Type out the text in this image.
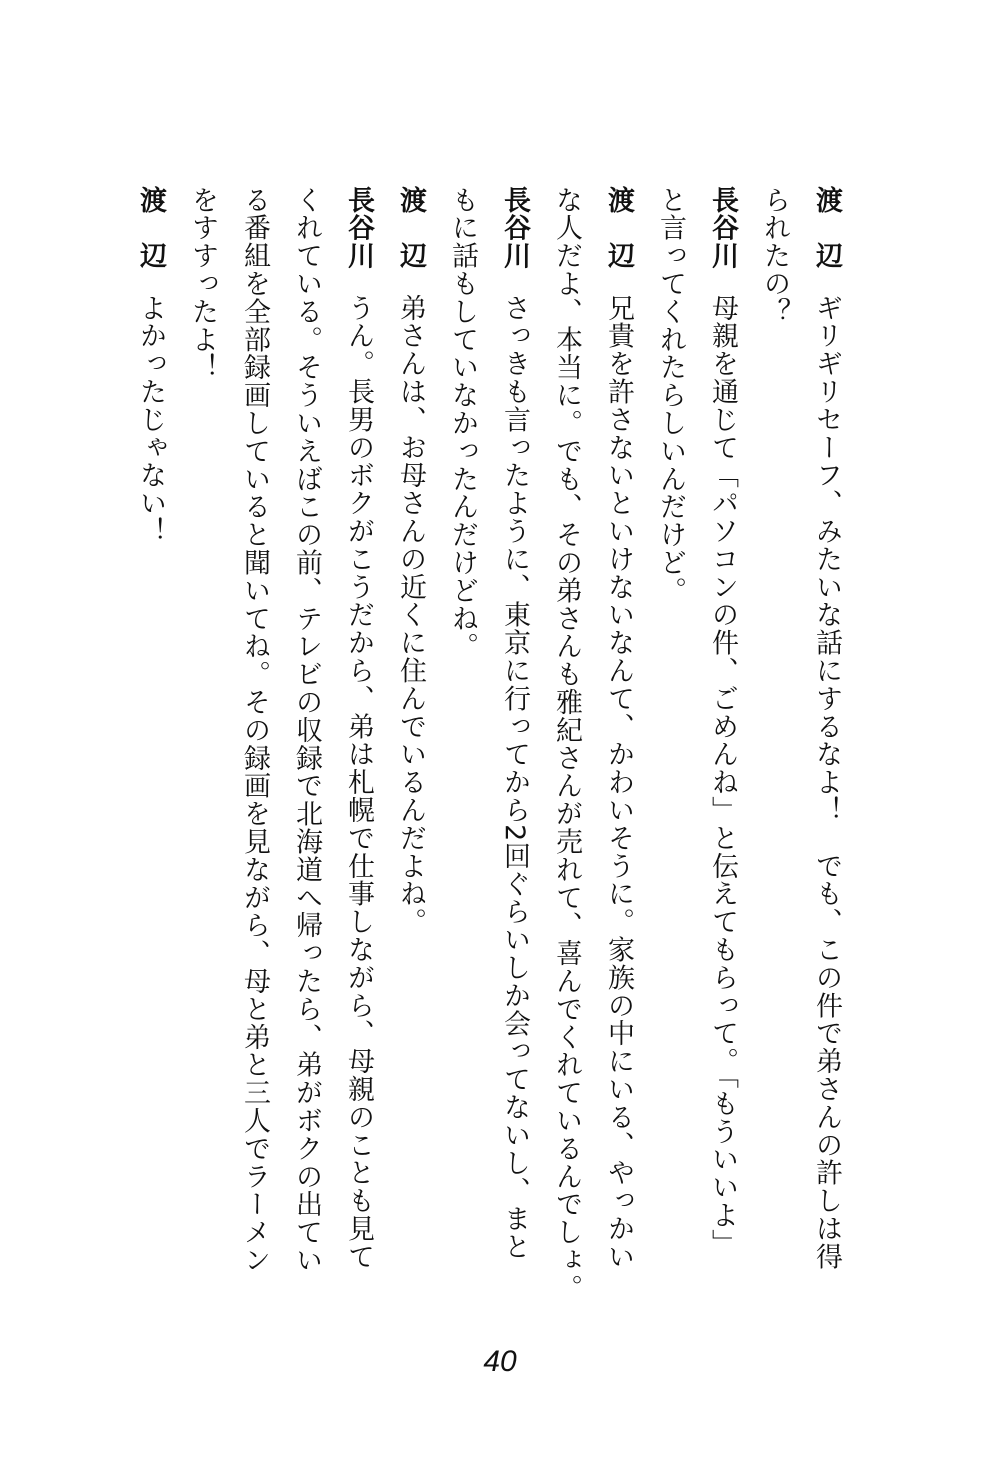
渡　辺ギリギリセーフ、みたいな話にするなよ！　でも、この件で弟さんの許しは得
られたの？
長谷川母親を通じて「パソコンの件、ごめんね」と伝えてもらって。「もういいよ」
と言ってくれたらしいんだけど。
渡　辺兄貴を許さないといけないなんて、かわいそうに。家族の中にいる、やっかい
な人だよ、本当に。でも、その弟さんも雅紀さんが売れて、喜んでくれているんでしょ。
長谷川さっきも言ったように、東京に行ってから2回ぐらいしか会ってないし、まと
もに話もしていなかったんだけどね。
渡　辺弟さんは、お母さんの近くに住んでいるんだよね。
長谷川うん。長男のボクがこうだから、弟は札幌で仕事しながら、母親のことも見て
くれている。そういえばこの前、テレビの収録で北海道へ帰ったら、弟がボクの出てい
る番組を全部録画していると聞いてね。その録画を見ながら、母と弟と三人でラーメン
をすすったよ！
渡　辺よかったじゃない！
40
